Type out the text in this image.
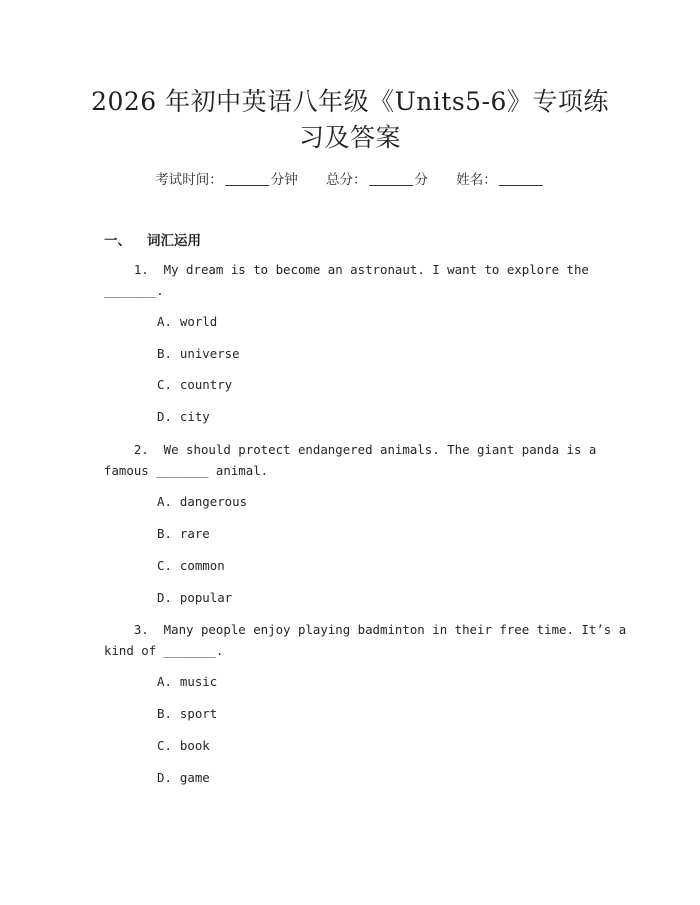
2026 年初中英语八年级《Units5-6》专项练
习及答案
考试时间：	分钟 总分：	分 姓名：
一、 词汇运用
1.  My dream is to become an astronaut. I want to explore the
_______.
A. world
B. universe
C. country
D. city
2.  We should protect endangered animals. The giant panda is a
famous _______ animal.
A. dangerous
B. rare
C. common
D. popular
3.  Many people enjoy playing badminton in their free time. It’s a
kind of _______.
A. music
B. sport
C. book
D. game
